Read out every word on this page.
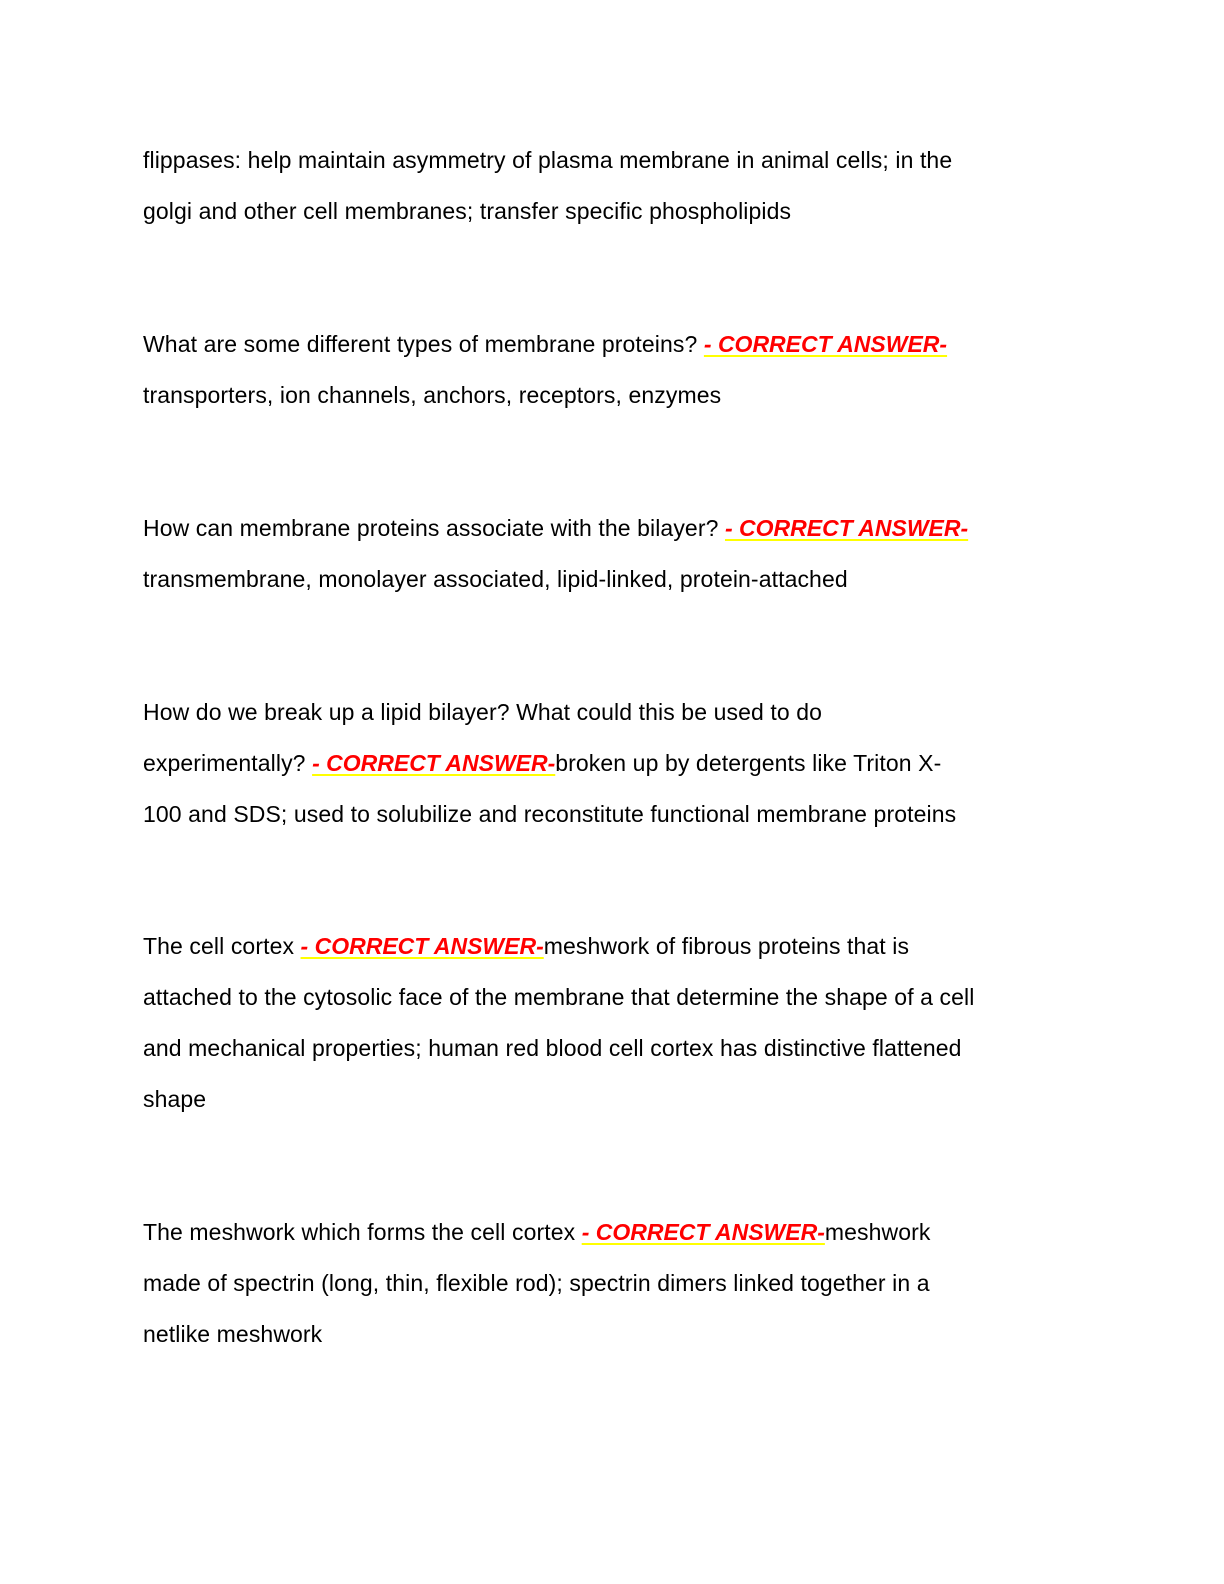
flippases: help maintain asymmetry of plasma membrane in animal cells; in the
golgi and other cell membranes; transfer specific phospholipids

What are some different types of membrane proteins? - CORRECT ANSWER-
transporters, ion channels, anchors, receptors, enzymes

How can membrane proteins associate with the bilayer? - CORRECT ANSWER-
transmembrane, monolayer associated, lipid-linked, protein-attached

How do we break up a lipid bilayer? What could this be used to do
experimentally? - CORRECT ANSWER-broken up by detergents like Triton X-
100 and SDS; used to solubilize and reconstitute functional membrane proteins

The cell cortex - CORRECT ANSWER-meshwork of fibrous proteins that is
attached to the cytosolic face of the membrane that determine the shape of a cell
and mechanical properties; human red blood cell cortex has distinctive flattened
shape

The meshwork which forms the cell cortex - CORRECT ANSWER-meshwork
made of spectrin (long, thin, flexible rod); spectrin dimers linked together in a
netlike meshwork
